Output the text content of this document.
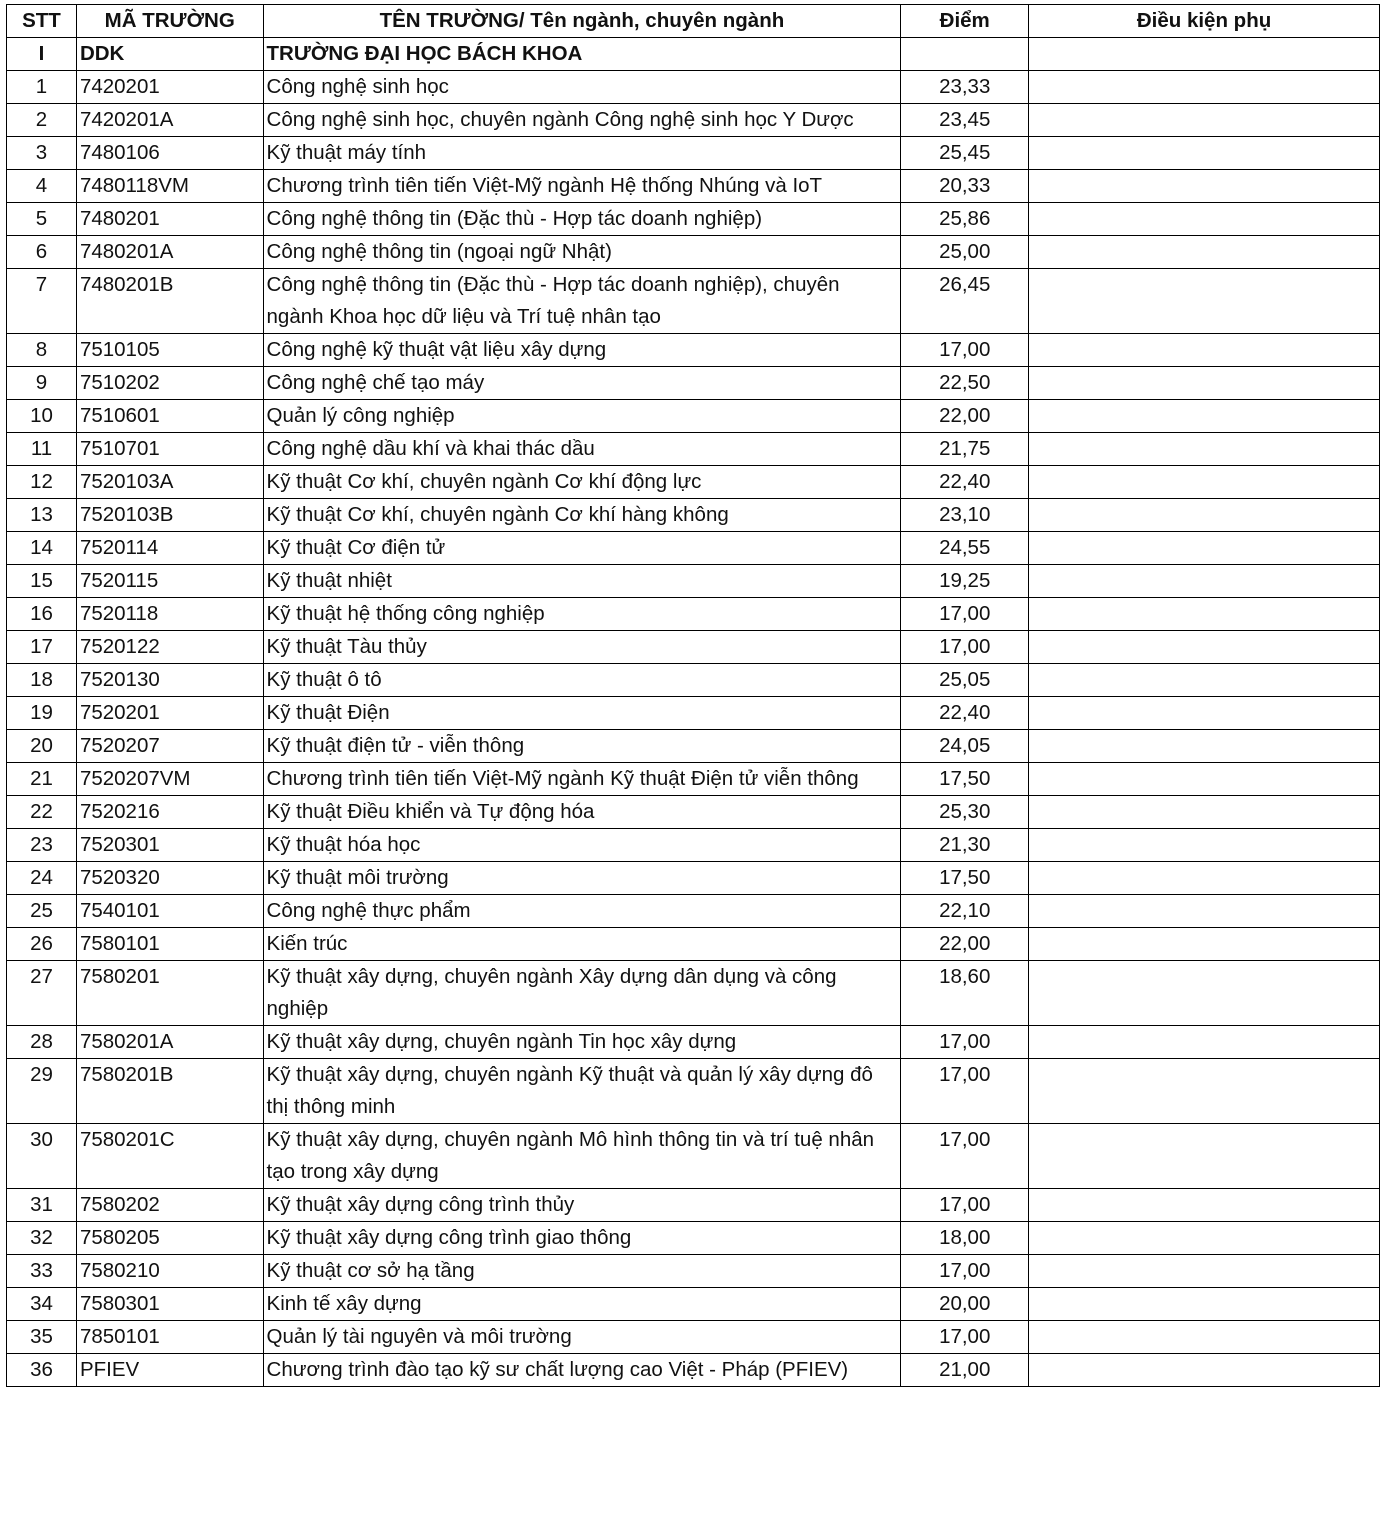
STT	MÃ TRƯỜNG	TÊN TRƯỜNG/ Tên ngành, chuyên ngành	Điểm	Điều kiện phụ
I	DDK	TRƯỜNG ĐẠI HỌC BÁCH KHOA		
1	7420201	Công nghệ sinh học	23,33	
2	7420201A	Công nghệ sinh học, chuyên ngành Công nghệ sinh học Y Dược	23,45	
3	7480106	Kỹ thuật máy tính	25,45	
4	7480118VM	Chương trình tiên tiến Việt-Mỹ ngành Hệ thống Nhúng và IoT	20,33	
5	7480201	Công nghệ thông tin (Đặc thù - Hợp tác doanh nghiệp)	25,86	
6	7480201A	Công nghệ thông tin (ngoại ngữ Nhật)	25,00	
7	7480201B	Công nghệ thông tin (Đặc thù - Hợp tác doanh nghiệp), chuyên ngành Khoa học dữ liệu và Trí tuệ nhân tạo	26,45	
8	7510105	Công nghệ kỹ thuật vật liệu xây dựng	17,00	
9	7510202	Công nghệ chế tạo máy	22,50	
10	7510601	Quản lý công nghiệp	22,00	
11	7510701	Công nghệ dầu khí và khai thác dầu	21,75	
12	7520103A	Kỹ thuật Cơ khí, chuyên ngành Cơ khí động lực	22,40	
13	7520103B	Kỹ thuật Cơ khí, chuyên ngành Cơ khí hàng không	23,10	
14	7520114	Kỹ thuật Cơ điện tử	24,55	
15	7520115	Kỹ thuật nhiệt	19,25	
16	7520118	Kỹ thuật hệ thống công nghiệp	17,00	
17	7520122	Kỹ thuật Tàu thủy	17,00	
18	7520130	Kỹ thuật ô tô	25,05	
19	7520201	Kỹ thuật Điện	22,40	
20	7520207	Kỹ thuật điện tử - viễn thông	24,05	
21	7520207VM	Chương trình tiên tiến Việt-Mỹ ngành Kỹ thuật Điện tử viễn thông	17,50	
22	7520216	Kỹ thuật Điều khiển và Tự động hóa	25,30	
23	7520301	Kỹ thuật hóa học	21,30	
24	7520320	Kỹ thuật môi trường	17,50	
25	7540101	Công nghệ thực phẩm	22,10	
26	7580101	Kiến trúc	22,00	
27	7580201	Kỹ thuật xây dựng, chuyên ngành Xây dựng dân dụng và công nghiệp	18,60	
28	7580201A	Kỹ thuật xây dựng, chuyên ngành Tin học xây dựng	17,00	
29	7580201B	Kỹ thuật xây dựng, chuyên ngành Kỹ thuật và quản lý xây dựng đô thị thông minh	17,00	
30	7580201C	Kỹ thuật xây dựng, chuyên ngành Mô hình thông tin và trí tuệ nhân tạo trong xây dựng	17,00	
31	7580202	Kỹ thuật xây dựng công trình thủy	17,00	
32	7580205	Kỹ thuật xây dựng công trình giao thông	18,00	
33	7580210	Kỹ thuật cơ sở hạ tầng	17,00	
34	7580301	Kinh tế xây dựng	20,00	
35	7850101	Quản lý tài nguyên và môi trường	17,00	
36	PFIEV	Chương trình đào tạo kỹ sư chất lượng cao Việt - Pháp (PFIEV)	21,00	
